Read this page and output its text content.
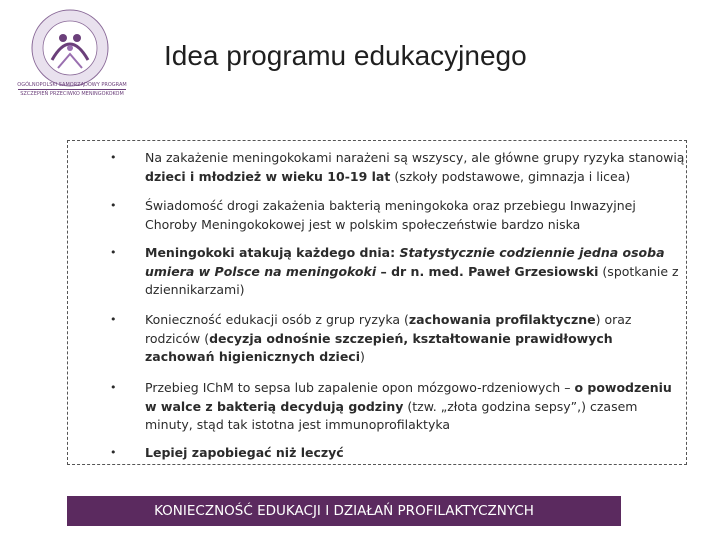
OGÓLNOPOLSKI SAMORZĄDOWY PROGRAM
SZCZEPIEŃ PRZECIWKO MENINGOKOKOM
Idea programu edukacyjnego
• Na zakażenie meningokokami narażeni są wszyscy, ale główne grupy ryzyka stanowią dzieci i młodzież w wieku 10-19 lat (szkoły podstawowe, gimnazja i licea)
• Świadomość drogi zakażenia bakterią meningokoka oraz przebiegu Inwazyjnej Choroby Meningokokowej jest w polskim społeczeństwie bardzo niska
• Meningokoki atakują każdego dnia: Statystycznie codziennie jedna osoba umiera w Polsce na meningokoki – dr n. med. Paweł Grzesiowski (spotkanie z dziennikarzami)
• Konieczność edukacji osób z grup ryzyka (zachowania profilaktyczne) oraz rodziców (decyzja odnośnie szczepień, kształtowanie prawidłowych zachowań higienicznych dzieci)
• Przebieg IChM to sepsa lub zapalenie opon mózgowo-rdzeniowych – o powodzeniu w walce z bakterią decydują godziny (tzw. „złota godzina sepsy”,) czasem minuty, stąd tak istotna jest immunoprofilaktyka
• Lepiej zapobiegać niż leczyć
KONIECZNOŚĆ EDUKACJI I DZIAŁAŃ PROFILAKTYCZNYCH
